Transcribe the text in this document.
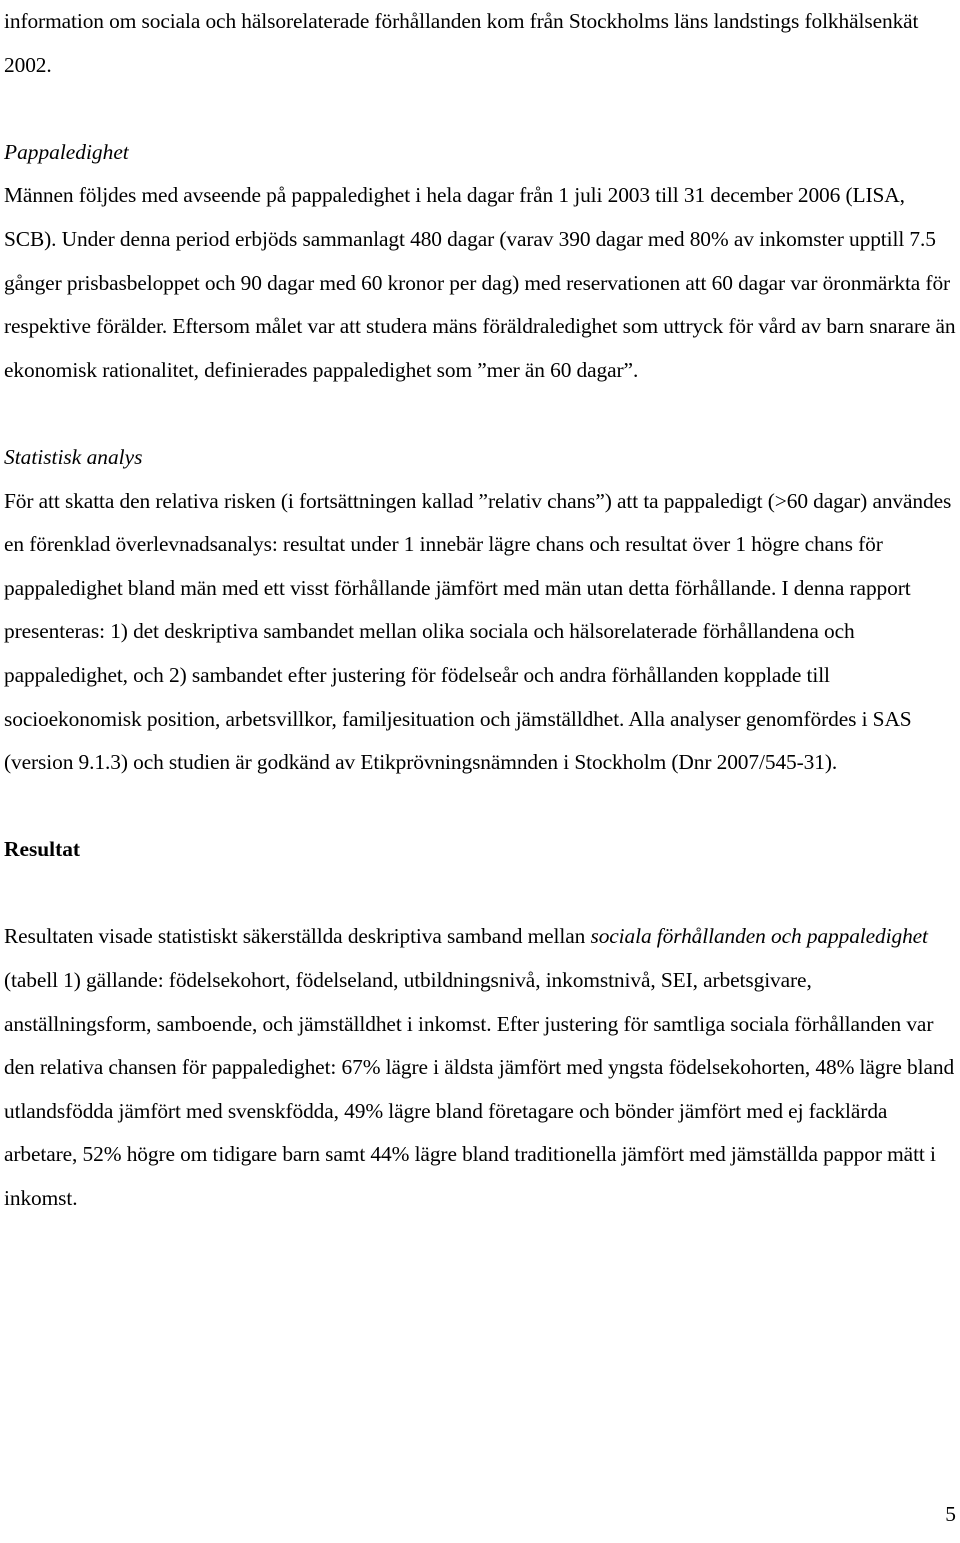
information om sociala och hälsorelaterade förhållanden kom från Stockholms läns landstings folkhälsenkät 2002.

Pappaledighet

Männen följdes med avseende på pappaledighet i hela dagar från 1 juli 2003 till 31 december 2006 (LISA, SCB). Under denna period erbjöds sammanlagt 480 dagar (varav 390 dagar med 80% av inkomster upptill 7.5 gånger prisbasbeloppet och 90 dagar med 60 kronor per dag) med reservationen att 60 dagar var öronmärkta för respektive förälder. Eftersom målet var att studera mäns föräldraledighet som uttryck för vård av barn snarare än ekonomisk rationalitet, definierades pappaledighet som ”mer än 60 dagar”.

Statistisk analys

För att skatta den relativa risken (i fortsättningen kallad ”relativ chans”) att ta pappaledigt (>60 dagar) användes en förenklad överlevnadsanalys: resultat under 1 innebär lägre chans och resultat över 1 högre chans för pappaledighet bland män med ett visst förhållande jämfört med män utan detta förhållande. I denna rapport presenteras: 1) det deskriptiva sambandet mellan olika sociala och hälsorelaterade förhållandena och pappaledighet, och 2) sambandet efter justering för födelseår och andra förhållanden kopplade till socioekonomisk position, arbetsvillkor, familjesituation och jämställdhet. Alla analyser genomfördes i SAS (version 9.1.3) och studien är godkänd av Etikprövningsnämnden i Stockholm (Dnr 2007/545-31).

Resultat

Resultaten visade statistiskt säkerställda deskriptiva samband mellan sociala förhållanden och pappaledighet (tabell 1) gällande: födelsekohort, födelseland, utbildningsnivå, inkomstnivå, SEI, arbetsgivare, anställningsform, samboende, och jämställdhet i inkomst. Efter justering för samtliga sociala förhållanden var den relativa chansen för pappaledighet: 67% lägre i äldsta jämfört med yngsta födelsekohorten, 48% lägre bland utlandsfödda jämfört med svenskfödda, 49% lägre bland företagare och bönder jämfört med ej facklärda arbetare, 52% högre om tidigare barn samt 44% lägre bland traditionella jämfört med jämställda pappor mätt i inkomst.

5
